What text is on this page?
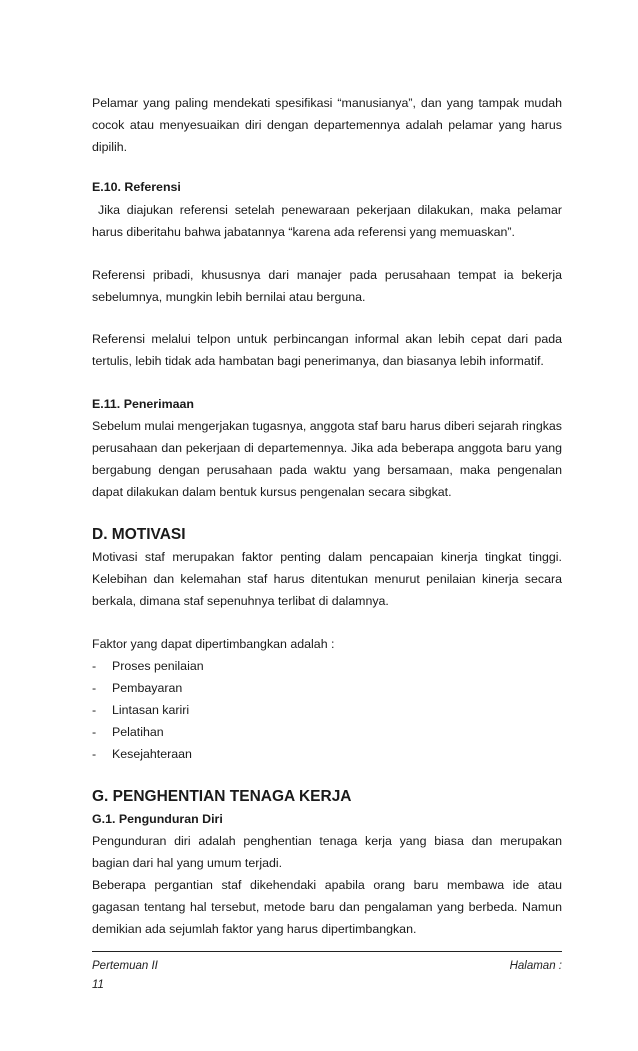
Pelamar yang paling mendekati spesifikasi “manusianya”, dan yang tampak mudah cocok atau menyesuaikan diri dengan departemennya adalah pelamar yang harus dipilih.

E.10. Referensi

Jika diajukan referensi setelah penewaraan pekerjaan dilakukan, maka pelamar harus diberitahu bahwa jabatannya “karena ada referensi yang memuaskan”.

Referensi pribadi, khususnya dari manajer pada perusahaan tempat ia bekerja sebelumnya, mungkin lebih bernilai atau berguna.

Referensi melalui telpon untuk perbincangan informal akan lebih cepat dari pada tertulis, lebih tidak ada hambatan bagi penerimanya, dan biasanya lebih informatif.

E.11. Penerimaan

Sebelum mulai mengerjakan tugasnya, anggota staf baru harus diberi sejarah ringkas perusahaan dan pekerjaan di departemennya. Jika ada beberapa anggota baru yang bergabung dengan perusahaan pada waktu yang bersamaan, maka pengenalan dapat dilakukan dalam bentuk kursus pengenalan secara sibgkat.

D. MOTIVASI

Motivasi staf merupakan faktor penting dalam pencapaian kinerja tingkat tinggi. Kelebihan dan kelemahan staf harus ditentukan menurut penilaian kinerja secara berkala, dimana staf sepenuhnya terlibat di dalamnya.

Faktor yang dapat dipertimbangkan adalah :

- Proses penilaian
- Pembayaran
- Lintasan kariri
- Pelatihan
- Kesejahteraan

G. PENGHENTIAN TENAGA KERJA

G.1. Pengunduran Diri

Pengunduran diri adalah penghentian tenaga kerja yang biasa dan merupakan bagian dari hal yang umum terjadi.

Beberapa pergantian staf dikehendaki apabila orang baru membawa ide atau gagasan tentang hal tersebut, metode baru dan pengalaman yang berbeda. Namun demikian ada sejumlah faktor yang harus dipertimbangkan.

Pertemuan II	Halaman :
11
